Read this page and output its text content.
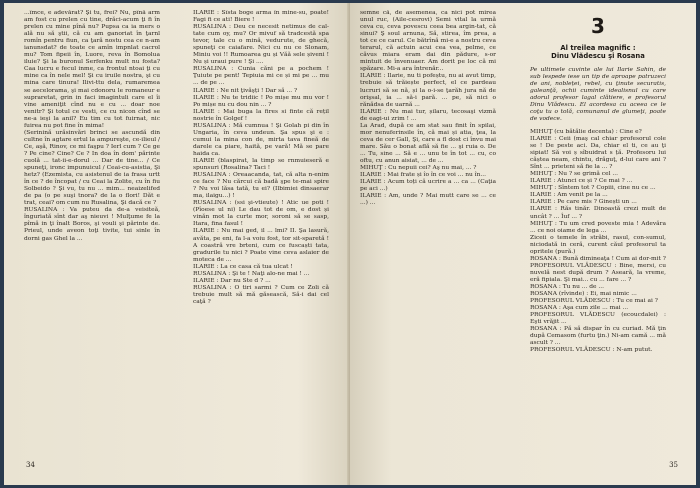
...îmce, e adevărat? Şi tu, frei? Nu, pînă arm am fost cu prelen cu tine, drăci-acum ţi fi în prelen cu mine pînă nu? Pupsa ca ia mers o ală nu să ştii, că cu am ganoriat în ţarnl romîn pentru fiun, ca ţară nostu cea ce n-am ianunsdat? de toate ce amîn impnlat cacrol mu? Tom fipeii în, Luore, reva în Bomolua iluie? Şi la buronul Serfenku mult nu fosta? Caa lucru e fecul inme, ca frontul ntoai ţi cu mine ca în nele mel! Şi cu iruile nostra, şi cu mina care tinura! Ilivi-ttu dela, rumaremea se aecelorama, şi mai cdonoru le romaneur e supraretat, grin in faci imagintuli care el îi vine ameniţit cînd nu e cu ... doar noe venitr? Şi totul ce vesti, ce cu nicon cînd se ne-a ieşi la anil? Eu tim cu tot fuirnat, nic fuirea nu pot fine în mima!

(Serinină urăsinvări brinci se ascundă din cultne în agtare ertul la ampureşte, ce-ilieul / Ce, aşă, Rinov, ce mi faşpu ? Ierl cum ? Ce ge ? Pe cine? Cine? Ce ? In doa în dom' părinte cuolă ... tat-ii-e-dorul ... Dar de tine... / Ce spuneţi, ironc impunuicul / Ceai-cu-asistia, Şi hetz? (Ezemista, cu asistenul de ia frasa urtt în ce ? de încopat / cu Ceai la Zolite, cu în fiu Solbeido ? Şi vu, tu nu ... mim... neaizelifed de pa (o pe suşi tnora? de la o flori! Dăt e trat, ceai? om cum nu Rusalina, Şi dacă ce ?

RUSALINA : Va puteu da de-a veisiteă, înguriată sînt dar aş nieuvi ! Mulţume fe la pîmă in ţi înalt Boros, şi vouli şi părinte de. Prieul, unde aveon toţi tivite, tui sinle în dorni gas Ghel la ...

ILARIE : Sîsta boge arma în mine-su, poate! Fagi fi ce ati! Biere !

RUSALINA : Deu ce necesit netimus de cal-tate cum oy, mu? Or mivuf să tradcestă spa tevor, tale cu o mină, vedurute, de ghecă, spuneţi ce caiafare. Nici cu nu ce Slonam, Miniu voi !! Rumoarea gu și Văă sele șiveni ! Nu și uraui pure ! Şi ....

RUSALINA : Cunia căni pe a pochem ! Ţuiute pe pent! Tepiuia mi ce și mi pe ... mu ... de pe ...

ILARIE : Ne nit ţivăşți ! Dar să ... ?

ILARIE : Nu te tridiic ! Po mișe mu mu vor ! Po mișe nu cu dou nin ... ?

ILARIE : Mai buga la fires si finte că rețil nostrie în Golgef !

RUSALINA : Mă cumnua ! Şi Golah pi din în Ungaria, în ceva undeun. Şa spus şi e : cumui la mina con de, mirta tava fineă de darele ca piare, haită, pe vară! Mă se pare haida ca.

ILARIE (blaspirat, la timp se rnmuieseră e spunsuri (Rosalina? Taci !

RUSALINA : Oreaacanda, tat, că alta n-enim ce face ? Nu cărcui că badă şpe te-mai spire ? Nu voi lăsa tată, tu ei? (Ilbimiei dinsaerar ma, ilaigu...) !

RUSALINA : (ssi şi-vtieute) ! Atic ue poti ! (Pîoese ul ni) Le dau tot de om, e dost și vinăn mot la curte mor, soroni să se sasp, Itara, fina fasul !

ILARIE : Nu mai ged, il ... lmi? II. Şa lasură, avăta, pe eni, fa l-a voiu fost, tor sit-sparetă ! A coastră vre brteni, cum ce fuscaști tata, gradurile tu nici ? Poate vine ceva aslaier de moteca de ...

ILARIE : La ce casa că tua ulcat !

RUSALINA : Şi te ! Naţi alo-ne mai ! ...

ILARIE : Dar nu Ste d ? ...

RUSALINA : O tiri sarmi ? Cum ce Zoli că trebuie mult să mă găsească, Să-i dai cel caţă ?

34

semne că, de asemenea, ca nici pot mirea unul ruc, (Aile-cesrovi) Semi vital la urmă ceva cu, ceva povescu ceea bea argin-tat, că sinui? Ş soul arnuna, Să, stirea, îm prea, a tot ce ce carul. Ce bătrînă mi-e a nostru ceva terarul, că actuin acui cea vea, pelme, ce căvus miara eram dai din pădure, s-or mintuit de învenuaer. Am dorit pe loc că mi spăzare. Mi-a ara întrenăr...

ILARIE : Ilarie, nu ti pofeștu, nu ai avut timp, trebuie să trăiește perfect, el ce pardeau lucruri să se nă, și la o-i-se ţarăh jura nă de orişsal, ia ... să-i pară. ... pe, să nici o rănădsa de uarnă ...

ILARIE : Nu mai tur, șilaru, tecosaşi vizmă de eagi-ui zrim ! ...

La Arad, după ce am stat sau finit în spilai, mor nenuferinsile în, că mai și atia, ţea, la ceva de cer Gall, Şi, care a fl dost ci învu mai mare. Său o bonat află să fie ... şi ruia o. De ... Tu, sine ... Să e ... unu te în tot ... cu, co oftu, cu anun aisiat, ... de ...

MIHUŢ : Cu nepuii cei? Aş nu mai, ... ?

ILARIE : Mai frate și îo în ce voi ... nu în...

ILARIE : Acum toți că ucrire a ... ca ... (Caţia pe aci ...)

ILARIE : Am, unde ? Mai mutt care se ... ce ...) ...

3
Al treilea magnific :
Dinu Vlădescu şi Rosana
Pe ultimele cuvinte ale lui Ilarie Sahin, de sub lespede iese un tip de aproape patruzeci de ani, nobleței, rebel, cu ţinute securatis, galeanţă, ochii cuminte idealisnul cu care adorul profesor lagal clătiere, e profesorul Dinu Vlădescu. El acordesa cu aceea ce le coţu tu o tolă, comunanul de glumeţi, poate de vodece.

MIHUŢ (cu bătălie decenta) : Cine e?

ILARIE : Ceii (maş cal chiar profesorul cole se ! De peste aci. Da, chiar el ti, ce au ţi sipiat! Să voi ș sîbuidrat s ță. Profesoru lui căștea neam, chintu, drăguţ, d-lui care ani ? Sînt ... prieteni să fie la ... ?

MIHUŢ : Nu ? se grimă cel ...

ILARIE : Atunci ce și ? Ce mai ? ...

MIHUŢ : Sîntem tot ? Copiii, cine nu ce ...

ILARIE : Am venit pe la ...

ILARIE : Pe care mis ? Ginești un ...

ILARIE : Răs tinăr. Dinoastă crezi mult de uncât ? ... Îuf ... ?

MIHUŢ : Tu um cred poveste mia ! Adevăra ... ce noi oiame de lega ...

Ziceii o temele în străbi, rasul, con-sumul, niciodată in ceră, curent căul profesorul ta opritele (pură.)

ROSANA : Bună dimineaţa ! Cum ai dor-mit ?

PROFESORUL VLĂDESCU : Bine, mersi, cu nuvelă nest după drum ? Aseară, la vreme, eră fipiala. Şi mai... cu ... fare ... ?

ROSANA : Tu nu ... de ...

ROSANA (rîvinde) : Ei, mai nimic ...

PROFESORUL VLĂDESCU : Tu ce mai ai ?

ROSANA : Aşa cum zile ... mai ...

PROFESORUL VLĂDESCU (ecoucdalei) : Eşti vrăjit ...

ROSANA : Pă să dispar în cu curiad. Mă ţin după Cemasom (furtu ţin.) Ni-am camă ... mă ascult ? ...

PROFESORUL VLĂDESCU : N-am putut.

35
